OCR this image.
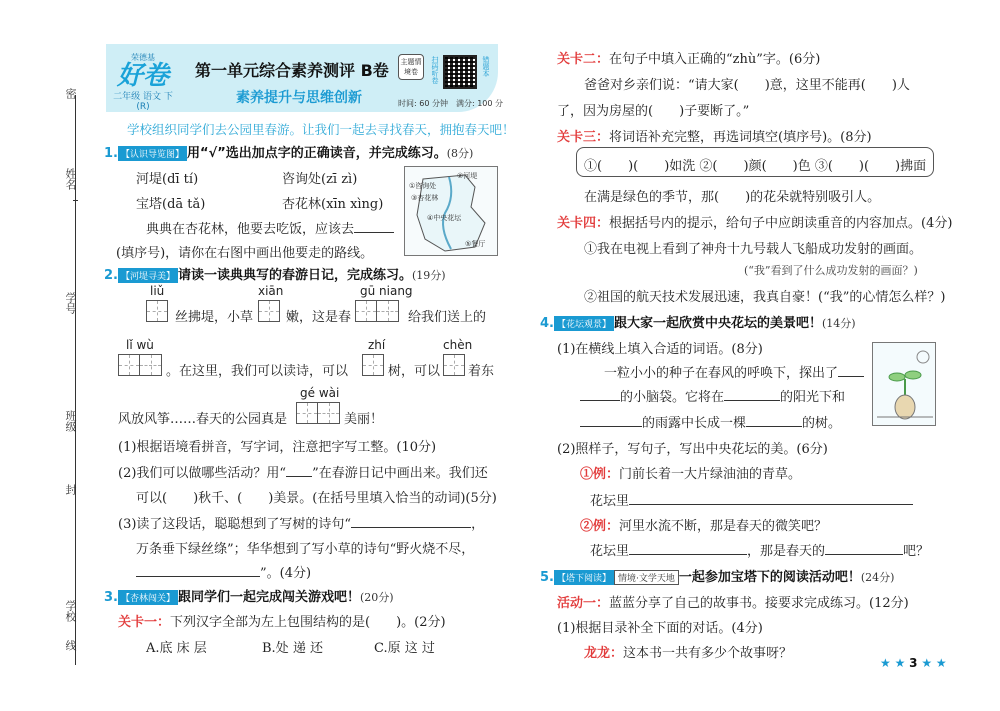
姓名
密
学号
班级
封
学校
线
荣德基
好卷
二年级 语文 下(R)
第一单元综合素养测评 B卷
素养提升与思维创新
主题情境卷	扫码听卷	错题本
时间: 60 分钟　满分: 100 分
学校组织同学们去公园里春游。让我们一起去寻找春天，拥抱春天吧！
1. 【认识导览图】 用“√”选出加点字的正确读音，并完成练习。(8分)
河堤(dī tí)	咨询处(zī zì)
宝塔(dā tǎ)	杏花林(xīn xìng)
典典在杏花林，他要去吃饭，应该去
(填序号)，请你在右图中画出他要走的路线。
①咨询处
②河堤
③杏花林
④中央花坛
⑤餐厅
2. 【河堤寻美】 请读一读典典写的春游日记，完成练习。(19分)
liǔ	xiān	gū niang
丝拂堤，小草	嫩，这是春	给我们送上的
lǐ wù	zhí	chèn
。在这里，我们可以读诗，可以	树，可以 着东
gé wài
风放风筝……春天的公园真是	美丽！
(1)根据语境看拼音，写字词，注意把字写工整。(10分)
(2)我们可以做哪些活动？用“ ”在春游日记中画出来。我们还
可以(　　)秋千、(　　)美景。(在括号里填入恰当的动词)(5分)
(3)读了这段话，聪聪想到了写树的诗句“	，
万条垂下绿丝绦”；华华想到了写小草的诗句“野火烧不尽，
”。(4分)
3. 【杏林闯关】 跟同学们一起完成闯关游戏吧！(20分)
关卡一：下列汉字全部为左上包围结构的是(　　)。(2分)
A.底 床 层	B.处 递 还	C.原 这 过
关卡二：在句子中填入正确的“zhù”字。(6分)
爸爸对乡亲们说：“请大家(　　)意，这里不能再(　　)人
了，因为房屋的(　　)子要断了。”
关卡三：将词语补充完整，再选词填空(填序号)。(8分)
①(　　)(　　)如洗 ②(　　)颜(　　)色 ③(　　)(　　)拂面
在满是绿色的季节，那(　　)的花朵就特别吸引人。
关卡四：根据括号内的提示，给句子中应朗读重音的内容加点。(4分)
①我在电视上看到了神舟十九号载人飞船成功发射的画面。
(“我”看到了什么成功发射的画面？)
②祖国的航天技术发展迅速，我真自豪！(“我”的心情怎么样？)
4. 【花坛观景】 跟大家一起欣赏中央花坛的美景吧！(14分)
(1)在横线上填入合适的词语。(8分)
一粒小小的种子在春风的呼唤下，探出了
的小脑袋。它将在	的阳光下和
的雨露中长成一棵	的树。
(2)照样子，写句子，写出中央花坛的美。(6分)
①例：门前长着一大片绿油油的青草。
花坛里
②例：河里水流不断，那是春天的微笑吧？
花坛里	，那是春天的	吧？
5. 【塔下阅读】 情境·文学天地 一起参加宝塔下的阅读活动吧！(24分)
活动一：蓝蓝分享了自己的故事书。接要求完成练习。(12分)
(1)根据目录补全下面的对话。(4分)
龙龙：这本书一共有多少个故事呀？
★ ★ 3 ★ ★
